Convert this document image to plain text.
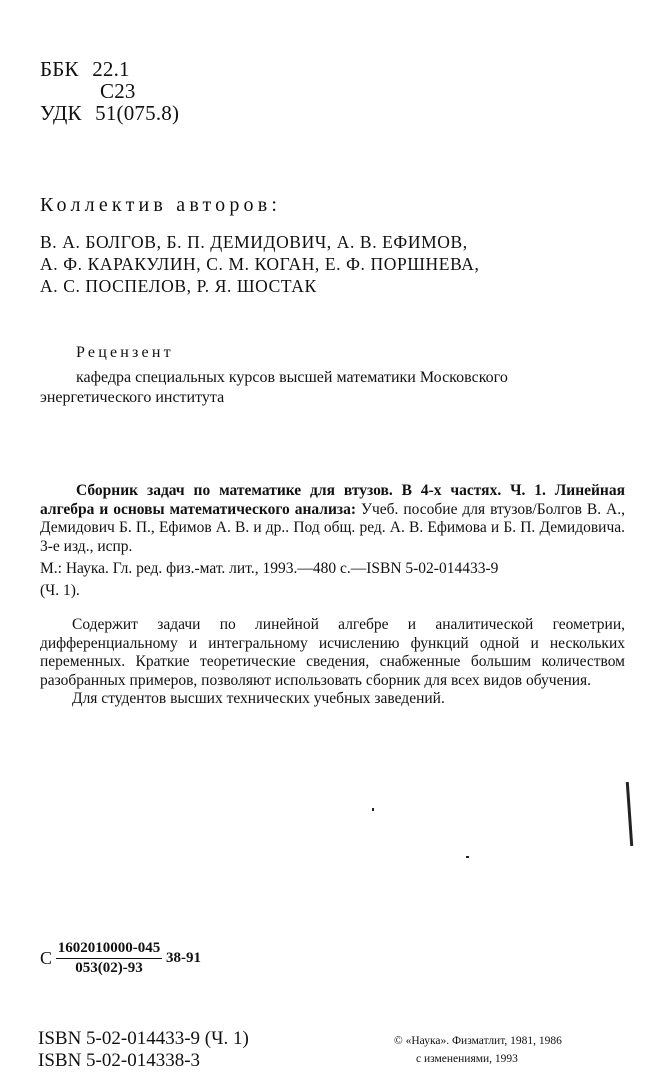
ББК 22.1
С23
УДК 51(075.8)
Коллектив авторов:
В. А. БОЛГОВ, Б. П. ДЕМИДОВИЧ, А. В. ЕФИМОВ,
А. Ф. КАРАКУЛИН, С. М. КОГАН, Е. Ф. ПОРШНЕВА,
А. С. ПОСПЕЛОВ, Р. Я. ШОСТАК
Рецензент
кафедра специальных курсов высшей математики Московского энергетического института
Сборник задач по математике для втузов. В 4-х частях. Ч. 1. Линейная алгебра и основы математического анализа: Учеб. пособие для втузов/Болгов В. А., Демидович Б. П., Ефимов А. В. и др.. Под общ. ред. А. В. Ефимова и Б. П. Демидовича. 3-е изд., испр.
М.: Наука. Гл. ред. физ.-мат. лит., 1993.—480 с.—ISBN 5-02-014433-9
(Ч. 1).

Содержит задачи по линейной алгебре и аналитической геометрии, дифференциальному и интегральному исчислению функций одной и нескольких переменных. Краткие теоретические сведения, снабженные большим количеством разобранных примеров, позволяют использовать сборник для всех видов обучения.

Для студентов высших технических учебных заведений.

С $\frac{1602010000-045}{053(02)-93} 38-91$
ISBN 5-02-014433-9 (Ч. 1)
ISBN 5-02-014338-3
© «Наука». Физматлит, 1981, 1986
с изменениями, 1993
